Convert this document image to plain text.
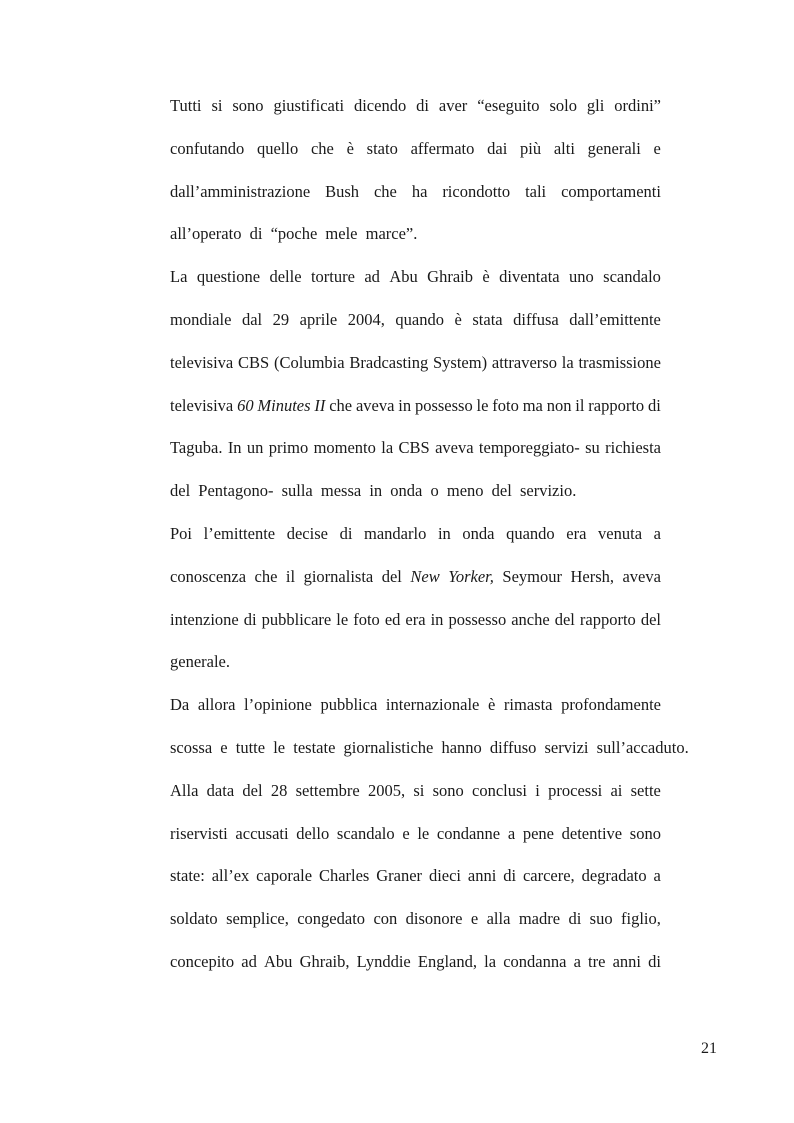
Tutti si sono giustificati dicendo di aver “eseguito solo gli ordini”
confutando quello che è stato affermato dai più alti generali e
dall’amministrazione Bush che ha ricondotto tali comportamenti
all’operato di “poche mele marce”.
La questione delle torture ad Abu Ghraib è diventata uno scandalo
mondiale dal 29 aprile 2004, quando è stata diffusa dall’emittente
televisiva CBS (Columbia Bradcasting System) attraverso la trasmissione
televisiva 60 Minutes II che aveva in possesso le foto ma non il rapporto di
Taguba. In un primo momento la CBS aveva temporeggiato- su richiesta
del Pentagono- sulla messa in onda o meno del servizio.
Poi l’emittente decise di mandarlo in onda quando era venuta a
conoscenza che il giornalista del New Yorker, Seymour Hersh, aveva
intenzione di pubblicare le foto ed era in possesso anche del rapporto del
generale.
Da allora l’opinione pubblica internazionale è rimasta profondamente
scossa e tutte le testate giornalistiche hanno diffuso servizi sull’accaduto.
Alla data del 28 settembre 2005, si sono conclusi i processi ai sette
riservisti accusati dello scandalo e le condanne a pene detentive sono
state: all’ex caporale Charles Graner dieci anni di carcere, degradato a
soldato semplice, congedato con disonore e alla madre di suo figlio,
concepito ad Abu Ghraib, Lynddie England, la condanna a tre anni di
21
